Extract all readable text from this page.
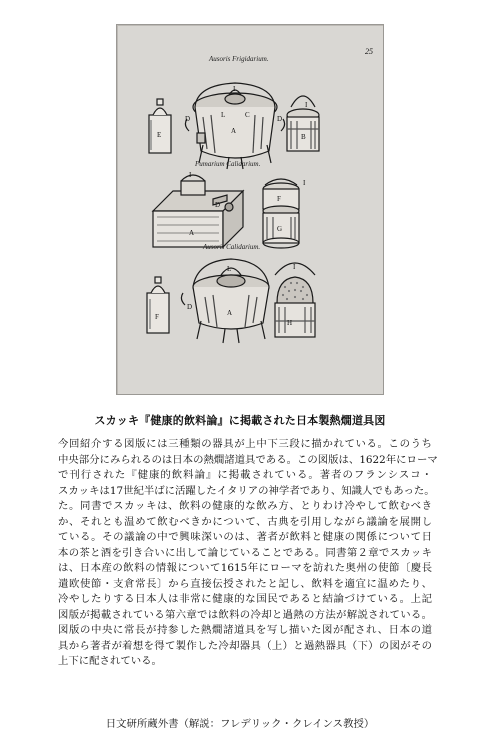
25
Ausoris Frigidarium.
Fumarium Calidarium.
Ausoris Calidarium.
A
I
L	C
D	D
E	B
I
A
I
D
F
G
I
F	A
L
H
I
D
スカッキ『健康的飲料論』に掲載された日本製熱燗道具図
今回紹介する図版には三種類の器具が上中下三段に描かれている。このうち
中央部分にみられるのは日本の熱燗諸道具である。この図版は、1622年にローマ
で刊行された『健康的飲料論』に掲載されている。著者のフランシスコ・
スカッキは17世紀半ばに活躍したイタリアの神学者であり、知識人でもあった。
た。同書でスカッキは、飲料の健康的な飲み方、とりわけ冷やして飲むべき
か、それとも温めて飲むべきかについて、古典を引用しながら議論を展開し
ている。その議論の中で興味深いのは、著者が飲料と健康の関係について日
本の茶と酒を引き合いに出して論じていることである。同書第２章でスカッキ
は、日本産の飲料の情報について1615年にローマを訪れた奥州の使節〔慶長
遣欧使節・支倉常長〕から直接伝授されたと記し、飲料を適宜に温めたり、
冷やしたりする日本人は非常に健康的な国民であると結論づけている。上記
図版が掲載されている第六章では飲料の冷却と過熱の方法が解説されている。
図版の中央に常長が持参した熱燗諸道具を写し描いた図が配され、日本の道
具から著者が着想を得て製作した冷却器具（上）と過熱器具（下）の図がその
上下に配されている。
日文研所蔵外書（解説：フレデリック・クレインス教授）
